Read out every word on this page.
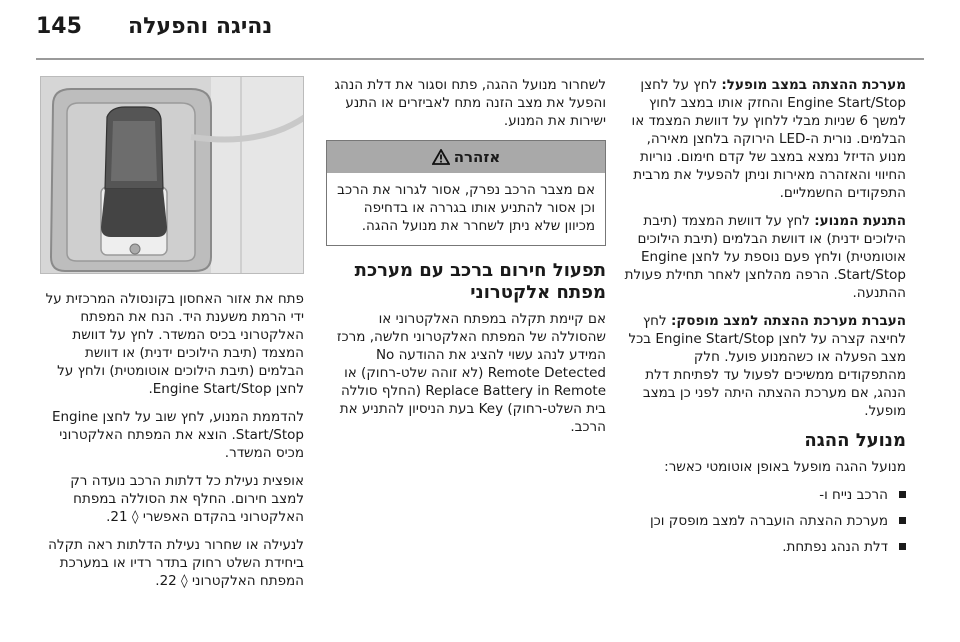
145 נהיגה והפעלה

מערכת ההצתה במצב מופעל: לחץ על לחצן Engine Start/Stop והחזק אותו במצב לחוץ למשך 6 שניות מבלי ללחוץ על דוושת המצמד או הבלמים. נורית ה-LED הירוקה בלחצן מאירה, מנוע הדיזל נמצא במצב של קדם חימום. נוריות החיווי והאזהרה מאירות וניתן להפעיל את מרבית התפקודים החשמליים.

התנעת המנוע: לחץ על דוושת המצמד (תיבת הילוכים ידנית) או דוושת הבלמים (תיבת הילוכים אוטומטית) ולחץ פעם נוספת על לחצן Engine Start/Stop. הרפה מהלחצן לאחר תחילת פעולת ההתנעה.

העברת מערכת ההצתה למצב מופסק: לחץ לחיצה קצרה על לחצן Engine Start/Stop בכל מצב הפעלה או כשהמנוע פועל. חלק מהתפקודים ממשיכים לפעול עד לפתיחת דלת הנהג, אם מערכת ההצתה היתה לפני כן במצב מופעל.

מנועל ההגה

מנועל ההגה מופעל באופן אוטומטי כאשר:

הרכב נייח ו-
מערכת ההצתה הועברה למצב מופסק וכן
דלת הנהג נפתחת.

לשחרור מנועל ההגה, פתח וסגור את דלת הנהג והפעל את מצב הזנה מתח לאביזרים או התנע ישירות את המנוע.

אזהרה
אם מצבר הרכב נפרק, אסור לגרור את הרכב וכן אסור להתניע אותו בגררה או בדחיפה מכיוון שלא ניתן לשחרר את מנועל ההגה.
תפעול חירום ברכב עם מערכת מפתח אלקטרוני

אם קיימת תקלה במפתח האלקטרוני או שהסוללה של המפתח האלקטרוני חלשה, מרכז המידע לנהג עשוי להציג את ההודעה No Remote Detected (לא זוהה שלט-רחוק) או Replace Battery in Remote (החלף סוללה בית השלט-רחוק) Key בעת הניסיון להתניע את הרכב.

פתח את אזור האחסון בקונסולה המרכזית על ידי הרמת משענת היד. הנח את המפתח האלקטרוני בכיס המשדר. לחץ על דוושת המצמד (תיבת הילוכים ידנית) או דוושת הבלמים (תיבת הילוכים אוטומטית) ולחץ על לחצן Engine Start/Stop.

להדממת המנוע, לחץ שוב על לחצן Engine Start/Stop. הוצא את המפתח האלקטרוני מכיס המשדר.

אופצית נעילת כל דלתות הרכב נועדה רק למצב חירום. החלף את הסוללה במפתח האלקטרוני בהקדם האפשרי ◊ 21.

לנעילה או שחרור נעילת הדלתות ראה תקלה ביחידת השלט רחוק בתדר רדיו או במערכת המפתח האלקטרוני ◊ 22.
